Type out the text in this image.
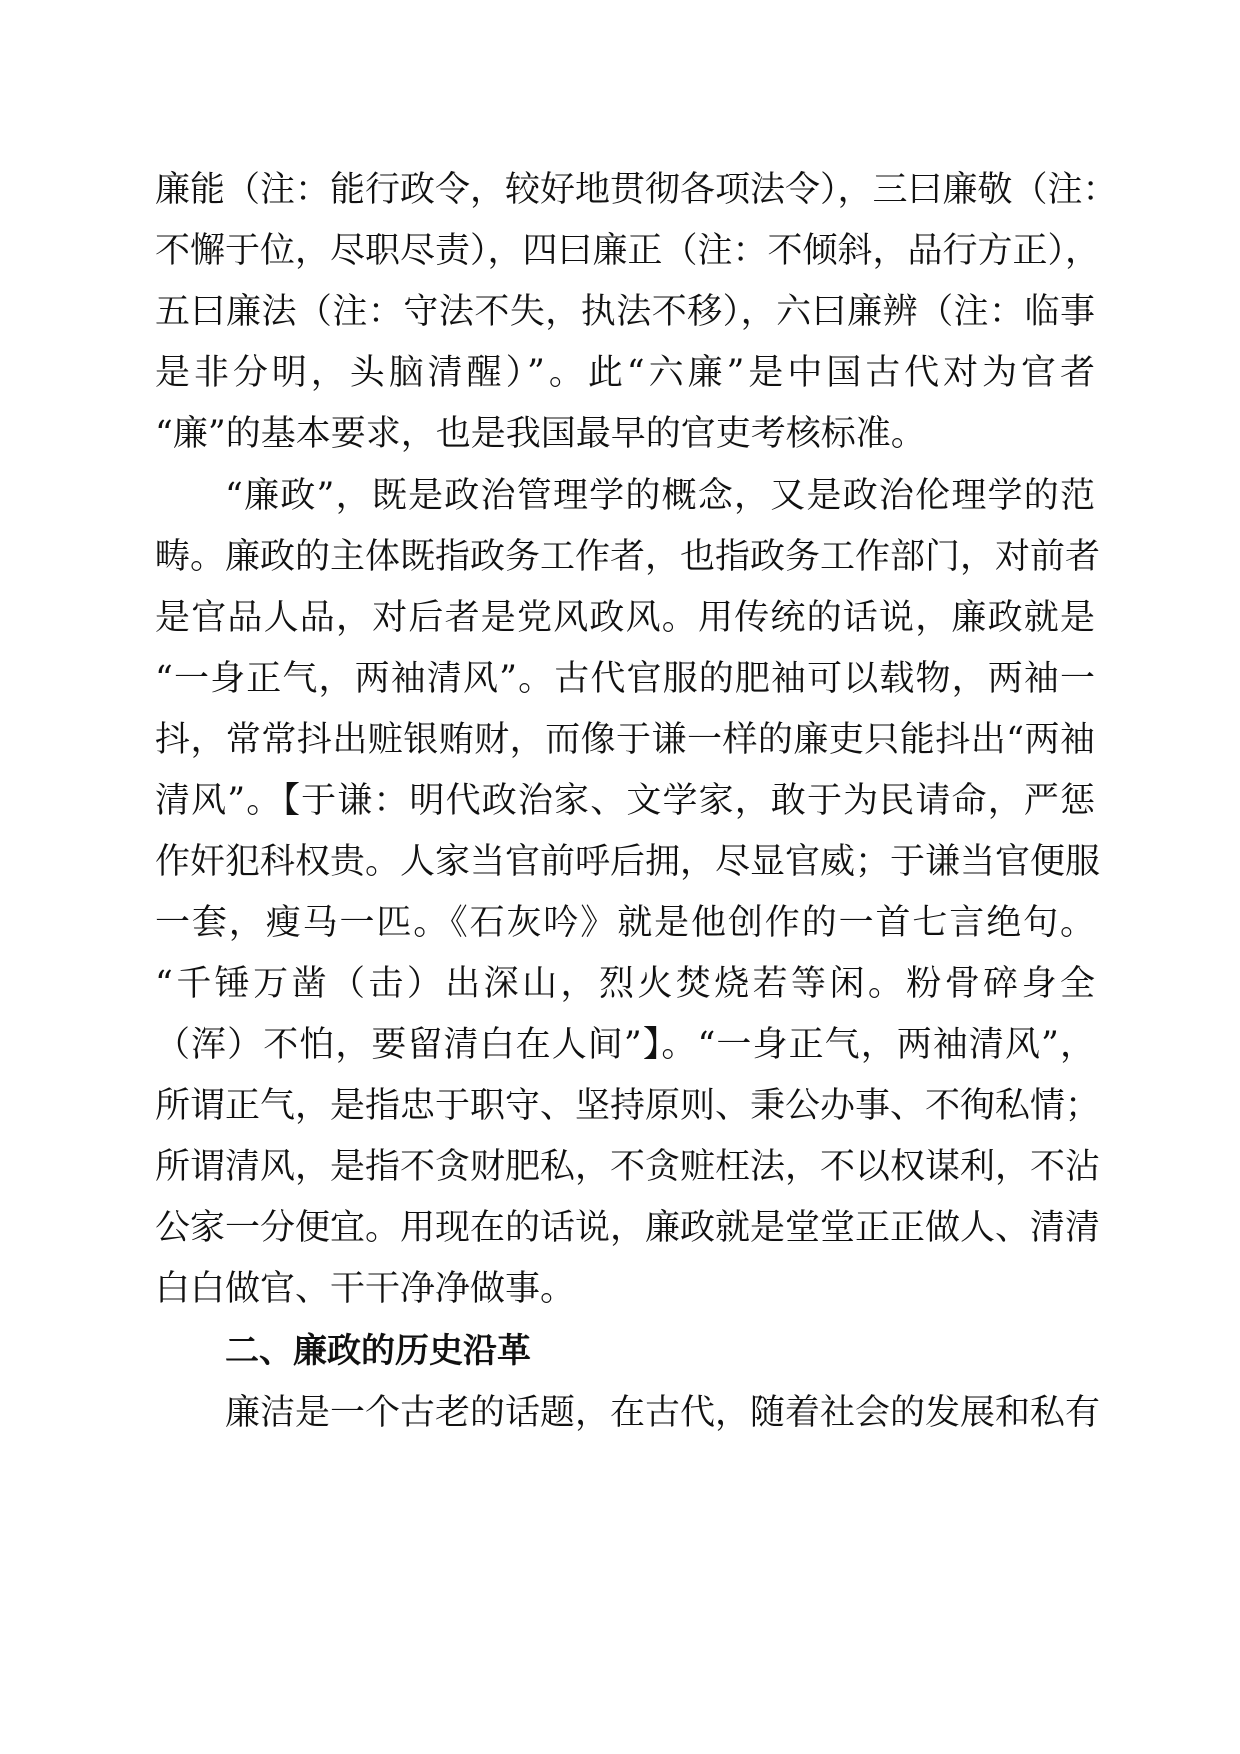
廉能（注：能行政令，较好地贯彻各项法令），三曰廉敬（注：
不懈于位，尽职尽责），四曰廉正（注：不倾斜，品行方正），
五曰廉法（注：守法不失，执法不移），六曰廉辨（注：临事
是非分明，头脑清醒）”。此“六廉”是中国古代对为官者
“廉”的基本要求，也是我国最早的官吏考核标准。
“廉政”，既是政治管理学的概念，又是政治伦理学的范
畴。廉政的主体既指政务工作者，也指政务工作部门，对前者
是官品人品，对后者是党风政风。用传统的话说，廉政就是
“一身正气，两袖清风”。古代官服的肥袖可以载物，两袖一
抖，常常抖出赃银贿财，而像于谦一样的廉吏只能抖出“两袖
清风”。【于谦：明代政治家、文学家，敢于为民请命，严惩
作奸犯科权贵。人家当官前呼后拥，尽显官威；于谦当官便服
一套，瘦马一匹。《石灰吟》就是他创作的一首七言绝句。
“千锤万凿（击）出深山，烈火焚烧若等闲。粉骨碎身全
（浑）不怕，要留清白在人间”】。“一身正气，两袖清风”，
所谓正气，是指忠于职守、坚持原则、秉公办事、不徇私情；
所谓清风，是指不贪财肥私，不贪赃枉法，不以权谋利，不沾
公家一分便宜。用现在的话说，廉政就是堂堂正正做人、清清
白白做官、干干净净做事。
二、廉政的历史沿革
廉洁是一个古老的话题，在古代，随着社会的发展和私有
